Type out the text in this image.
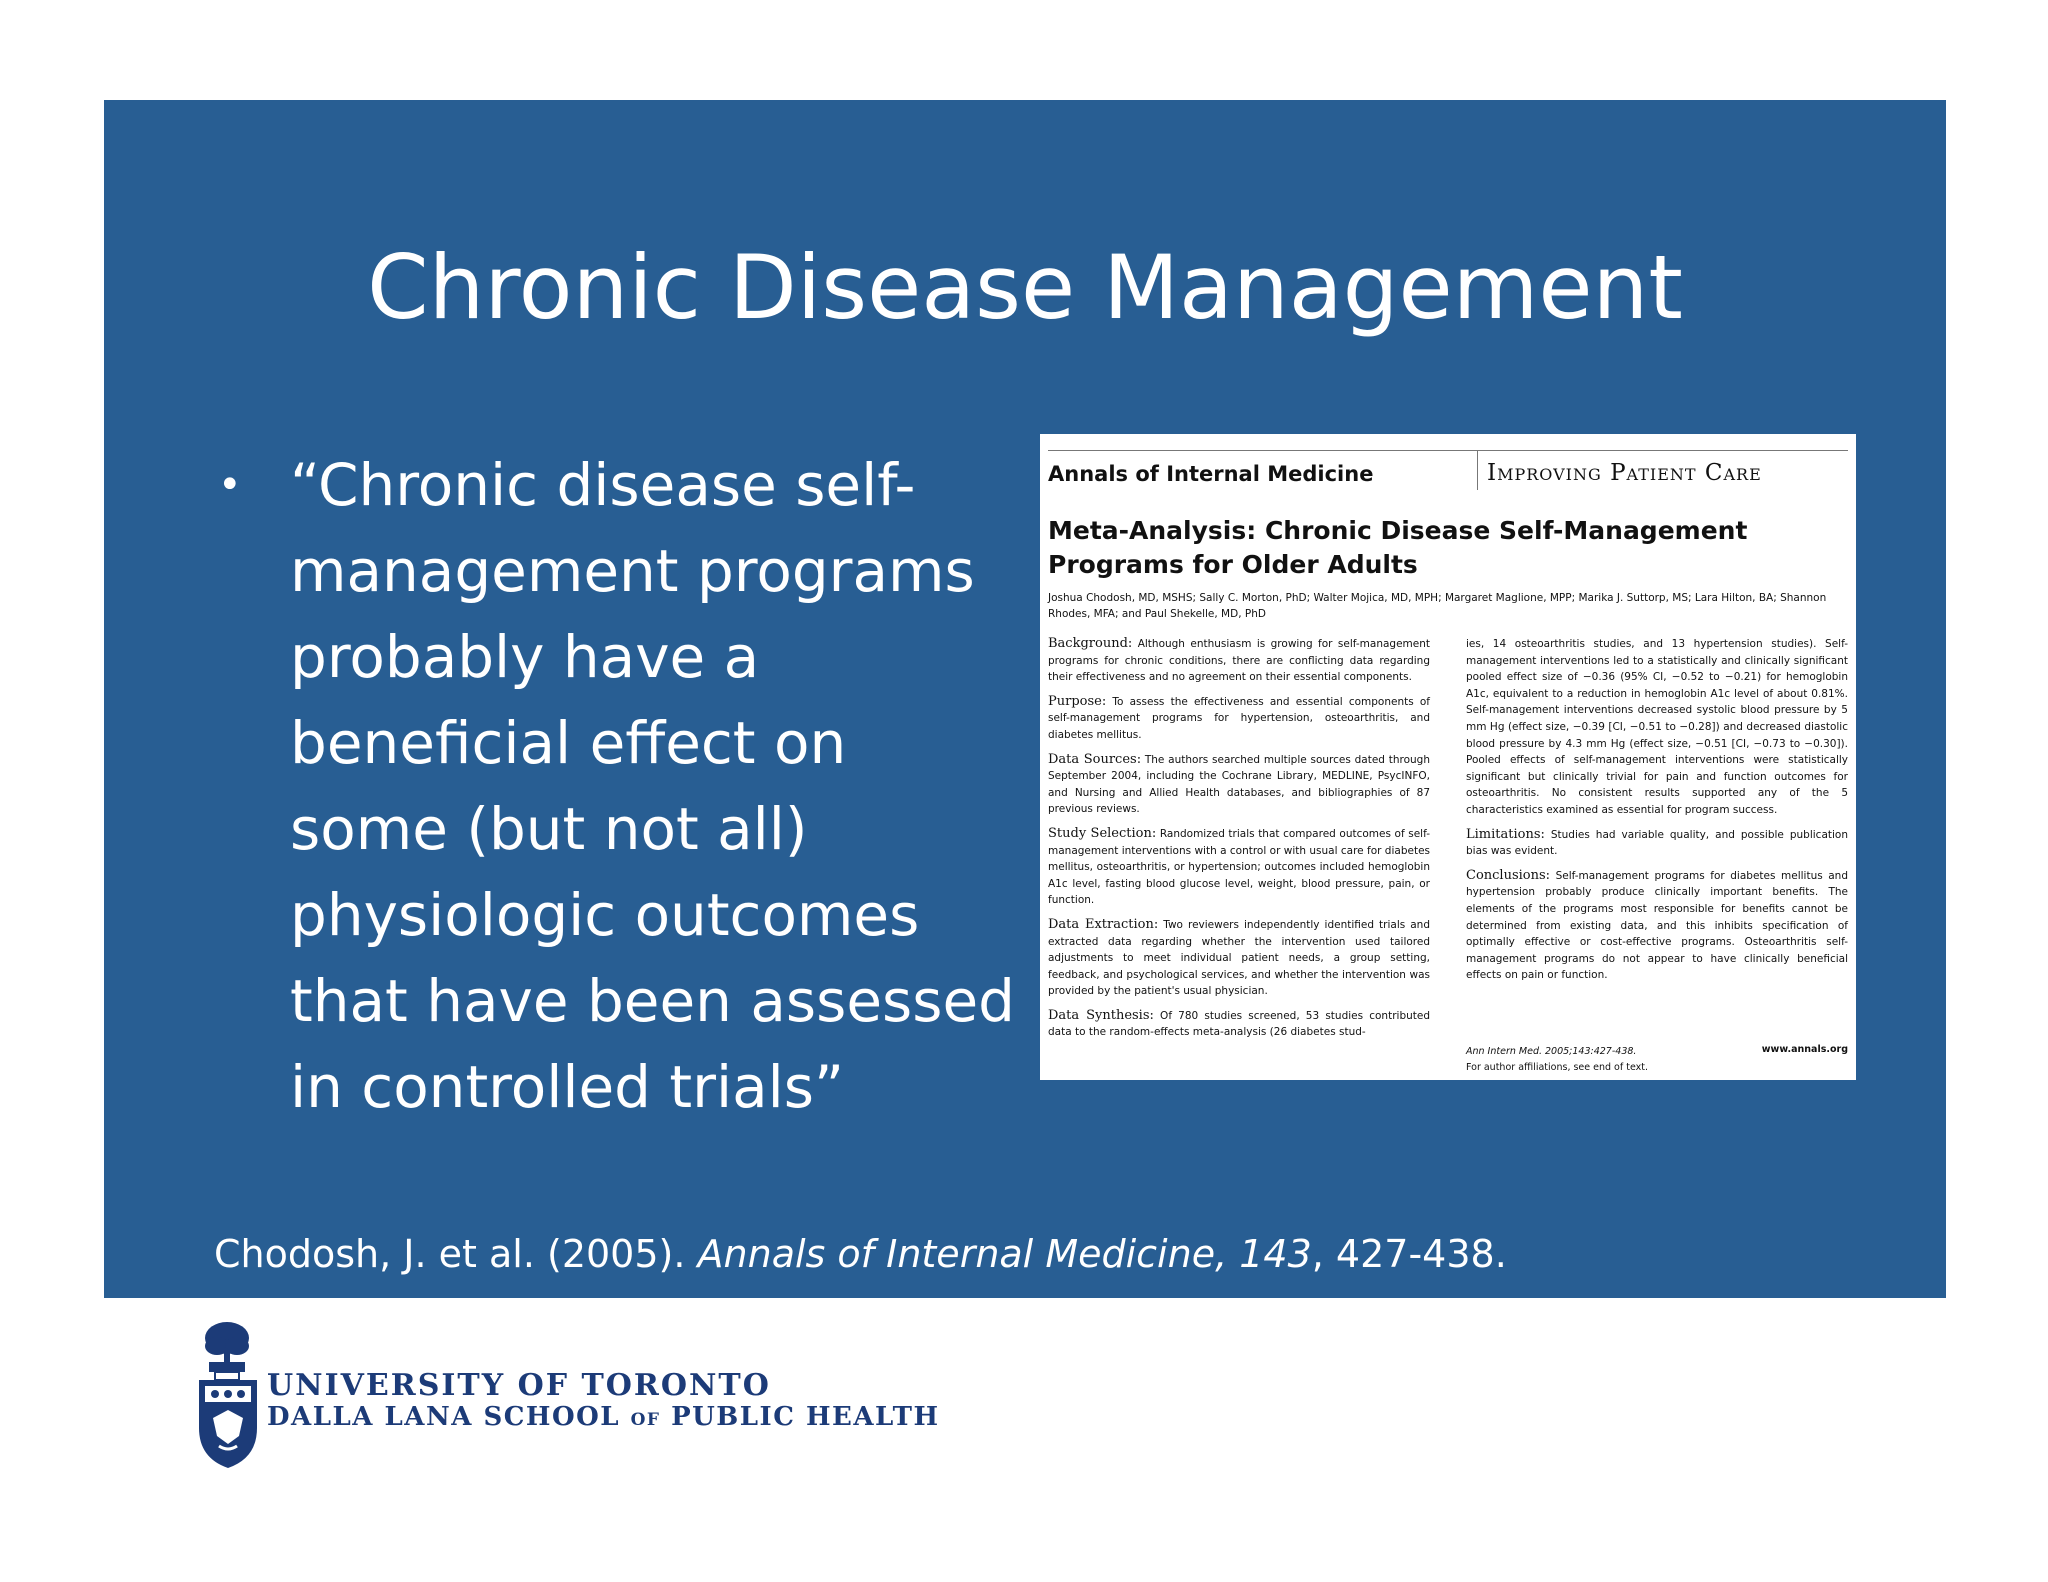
Chronic Disease Management
• “Chronic disease self-management programs probably have a beneficial effect on some (but not all) physiologic outcomes that have been assessed in controlled trials”
Chodosh, J. et al. (2005). Annals of Internal Medicine, 143, 427-438.
Annals of Internal Medicine	Improving Patient Care
Meta-Analysis: Chronic Disease Self-Management Programs for Older Adults
Joshua Chodosh, MD, MSHS; Sally C. Morton, PhD; Walter Mojica, MD, MPH; Margaret Maglione, MPP; Marika J. Suttorp, MS; Lara Hilton, BA; Shannon Rhodes, MFA; and Paul Shekelle, MD, PhD

Background: Although enthusiasm is growing for self-management programs for chronic conditions, there are conflicting data regarding their effectiveness and no agreement on their essential components.

Purpose: To assess the effectiveness and essential components of self-management programs for hypertension, osteoarthritis, and diabetes mellitus.

Data Sources: The authors searched multiple sources dated through September 2004, including the Cochrane Library, MEDLINE, PsycINFO, and Nursing and Allied Health databases, and bibliographies of 87 previous reviews.

Study Selection: Randomized trials that compared outcomes of self-management interventions with a control or with usual care for diabetes mellitus, osteoarthritis, or hypertension; outcomes included hemoglobin A1c level, fasting blood glucose level, weight, blood pressure, pain, or function.

Data Extraction: Two reviewers independently identified trials and extracted data regarding whether the intervention used tailored adjustments to meet individual patient needs, a group setting, feedback, and psychological services, and whether the intervention was provided by the patient's usual physician.

Data Synthesis: Of 780 studies screened, 53 studies contributed data to the random-effects meta-analysis (26 diabetes stud-

ies, 14 osteoarthritis studies, and 13 hypertension studies). Self-management interventions led to a statistically and clinically significant pooled effect size of −0.36 (95% CI, −0.52 to −0.21) for hemoglobin A1c, equivalent to a reduction in hemoglobin A1c level of about 0.81%. Self-management interventions decreased systolic blood pressure by 5 mm Hg (effect size, −0.39 [CI, −0.51 to −0.28]) and decreased diastolic blood pressure by 4.3 mm Hg (effect size, −0.51 [CI, −0.73 to −0.30]). Pooled effects of self-management interventions were statistically significant but clinically trivial for pain and function outcomes for osteoarthritis. No consistent results supported any of the 5 characteristics examined as essential for program success.

Limitations: Studies had variable quality, and possible publication bias was evident.

Conclusions: Self-management programs for diabetes mellitus and hypertension probably produce clinically important benefits. The elements of the programs most responsible for benefits cannot be determined from existing data, and this inhibits specification of optimally effective or cost-effective programs. Osteoarthritis self-management programs do not appear to have clinically beneficial effects on pain or function.

Ann Intern Med. 2005;143:427-438.
For author affiliations, see end of text.
www.annals.org
UNIVERSITY OF TORONTO
DALLA LANA SCHOOL OF PUBLIC HEALTH
